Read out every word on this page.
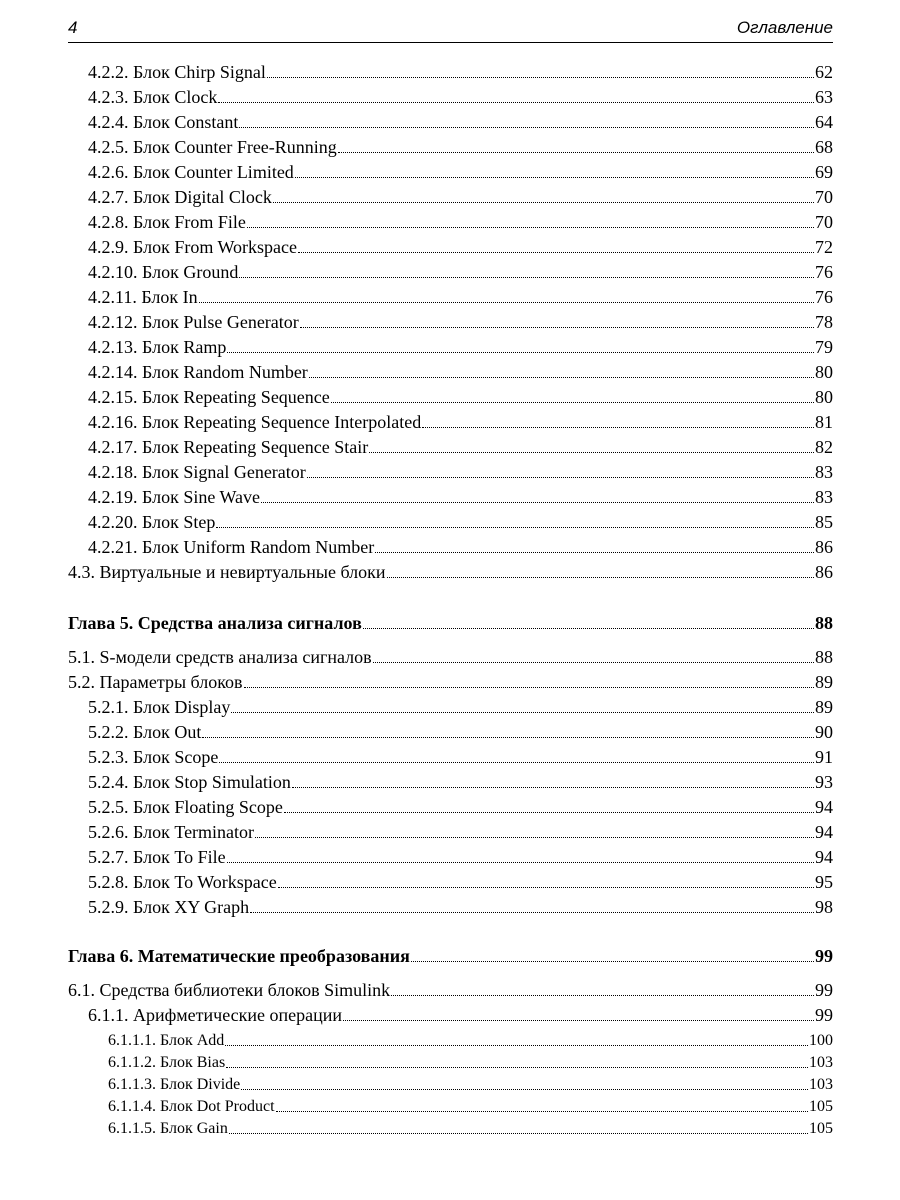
4	Оглавление
4.2.2. Блок Chirp Signal	62
4.2.3. Блок Clock	63
4.2.4. Блок Constant	64
4.2.5. Блок Counter Free-Running	68
4.2.6. Блок Counter Limited	69
4.2.7. Блок Digital Clock	70
4.2.8. Блок From File	70
4.2.9. Блок From Workspace	72
4.2.10. Блок Ground	76
4.2.11. Блок In	76
4.2.12. Блок Pulse Generator	78
4.2.13. Блок Ramp	79
4.2.14. Блок Random Number	80
4.2.15. Блок Repeating Sequence	80
4.2.16. Блок Repeating Sequence Interpolated	81
4.2.17. Блок Repeating Sequence Stair	82
4.2.18. Блок Signal Generator	83
4.2.19. Блок Sine Wave	83
4.2.20. Блок Step	85
4.2.21. Блок Uniform Random Number	86
4.3. Виртуальные и невиртуальные блоки	86
Глава 5. Средства анализа сигналов	88
5.1. S-модели средств анализа сигналов	88
5.2. Параметры блоков	89
5.2.1. Блок Display	89
5.2.2. Блок Out	90
5.2.3. Блок Scope	91
5.2.4. Блок Stop Simulation	93
5.2.5. Блок Floating Scope	94
5.2.6. Блок Terminator	94
5.2.7. Блок To File	94
5.2.8. Блок To Workspace	95
5.2.9. Блок XY Graph	98
Глава 6. Математические преобразования	99
6.1. Средства библиотеки блоков Simulink	99
6.1.1. Арифметические операции	99
6.1.1.1. Блок Add	100
6.1.1.2. Блок Bias	103
6.1.1.3. Блок Divide	103
6.1.1.4. Блок Dot Product	105
6.1.1.5. Блок Gain	105
